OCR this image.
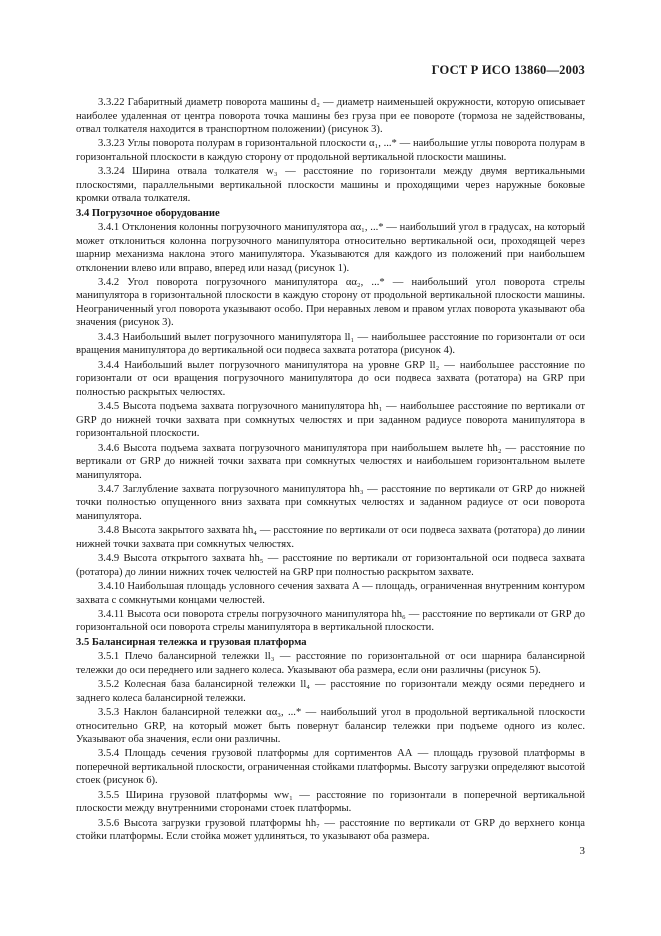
ГОСТ Р ИСО 13860—2003

3.3.22 Габаритный диаметр поворота машины d₂ — диаметр наименьшей окружности, которую описывает наиболее удаленная от центра поворота точка машины без груза при ее повороте (тормоза не задействованы, отвал толкателя находится в транспортном положении) (рисунок 3).

3.3.23 Углы поворота полурам в горизонтальной плоскости α₁, ...* — наибольшие углы поворота полурам в горизонтальной плоскости в каждую сторону от продольной вертикальной плоскости машины.

3.3.24 Ширина отвала толкателя w₃ — расстояние по горизонтали между двумя вертикальными плоскостями, параллельными вертикальной плоскости машины и проходящими через наружные боковые кромки отвала толкателя.

3.4 Погрузочное оборудование

3.4.1 Отклонения колонны погрузочного манипулятора αα₁, ...* — наибольший угол в градусах, на который может отклониться колонна погрузочного манипулятора относительно вертикальной оси, проходящей через шарнир механизма наклона этого манипулятора. Указываются для каждого из положений при наибольшем отклонении влево или вправо, вперед или назад (рисунок 1).

3.4.2 Угол поворота погрузочного манипулятора αα₂, ...* — наибольший угол поворота стрелы манипулятора в горизонтальной плоскости в каждую сторону от продольной вертикальной плоскости машины. Неограниченный угол поворота указывают особо. При неравных левом и правом углах поворота указывают оба значения (рисунок 3).

3.4.3 Наибольший вылет погрузочного манипулятора ll₁ — наибольшее расстояние по горизонтали от оси вращения манипулятора до вертикальной оси подвеса захвата ротатора (рисунок 4).

3.4.4 Наибольший вылет погрузочного манипулятора на уровне GRP ll₂ — наибольшее расстояние по горизонтали от оси вращения погрузочного манипулятора до оси подвеса захвата (ротатора) на GRP при полностью раскрытых челюстях.

3.4.5 Высота подъема захвата погрузочного манипулятора hh₁ — наибольшее расстояние по вертикали от GRP до нижней точки захвата при сомкнутых челюстях и при заданном радиусе поворота манипулятора в горизонтальной плоскости.

3.4.6 Высота подъема захвата погрузочного манипулятора при наибольшем вылете hh₂ — расстояние по вертикали от GRP до нижней точки захвата при сомкнутых челюстях и наибольшем горизонтальном вылете манипулятора.

3.4.7 Заглубление захвата погрузочного манипулятора hh₃ — расстояние по вертикали от GRP до нижней точки полностью опущенного вниз захвата при сомкнутых челюстях и заданном радиусе от оси поворота манипулятора.

3.4.8 Высота закрытого захвата hh₄ — расстояние по вертикали от оси подвеса захвата (ротатора) до линии нижней точки захвата при сомкнутых челюстях.

3.4.9 Высота открытого захвата hh₅ — расстояние по вертикали от горизонтальной оси подвеса захвата (ротатора) до линии нижних точек челюстей на GRP при полностью раскрытом захвате.

3.4.10 Наибольшая площадь условного сечения захвата A — площадь, ограниченная внутренним контуром захвата с сомкнутыми концами челюстей.

3.4.11 Высота оси поворота стрелы погрузочного манипулятора hh₆ — расстояние по вертикали от GRP до горизонтальной оси поворота стрелы манипулятора в вертикальной плоскости.

3.5 Балансирная тележка и грузовая платформа

3.5.1 Плечо балансирной тележки ll₃ — расстояние по горизонтальной от оси шарнира балансирной тележки до оси переднего или заднего колеса. Указывают оба размера, если они различны (рисунок 5).

3.5.2 Колесная база балансирной тележки ll₄ — расстояние по горизонтали между осями переднего и заднего колеса балансирной тележки.

3.5.3 Наклон балансирной тележки αα₃, ...* — наибольший угол в продольной вертикальной плоскости относительно GRP, на который может быть повернут балансир тележки при подъеме одного из колес. Указывают оба значения, если они различны.

3.5.4 Площадь сечения грузовой платформы для сортиментов АА — площадь грузовой платформы в поперечной вертикальной плоскости, ограниченная стойками платформы. Высоту загрузки определяют высотой стоек (рисунок 6).

3.5.5 Ширина грузовой платформы ww₁ — расстояние по горизонтали в поперечной вертикальной плоскости между внутренними сторонами стоек платформы.

3.5.6 Высота загрузки грузовой платформы hh₇ — расстояние по вертикали от GRP до верхнего конца стойки платформы. Если стойка может удлиняться, то указывают оба размера.

3
